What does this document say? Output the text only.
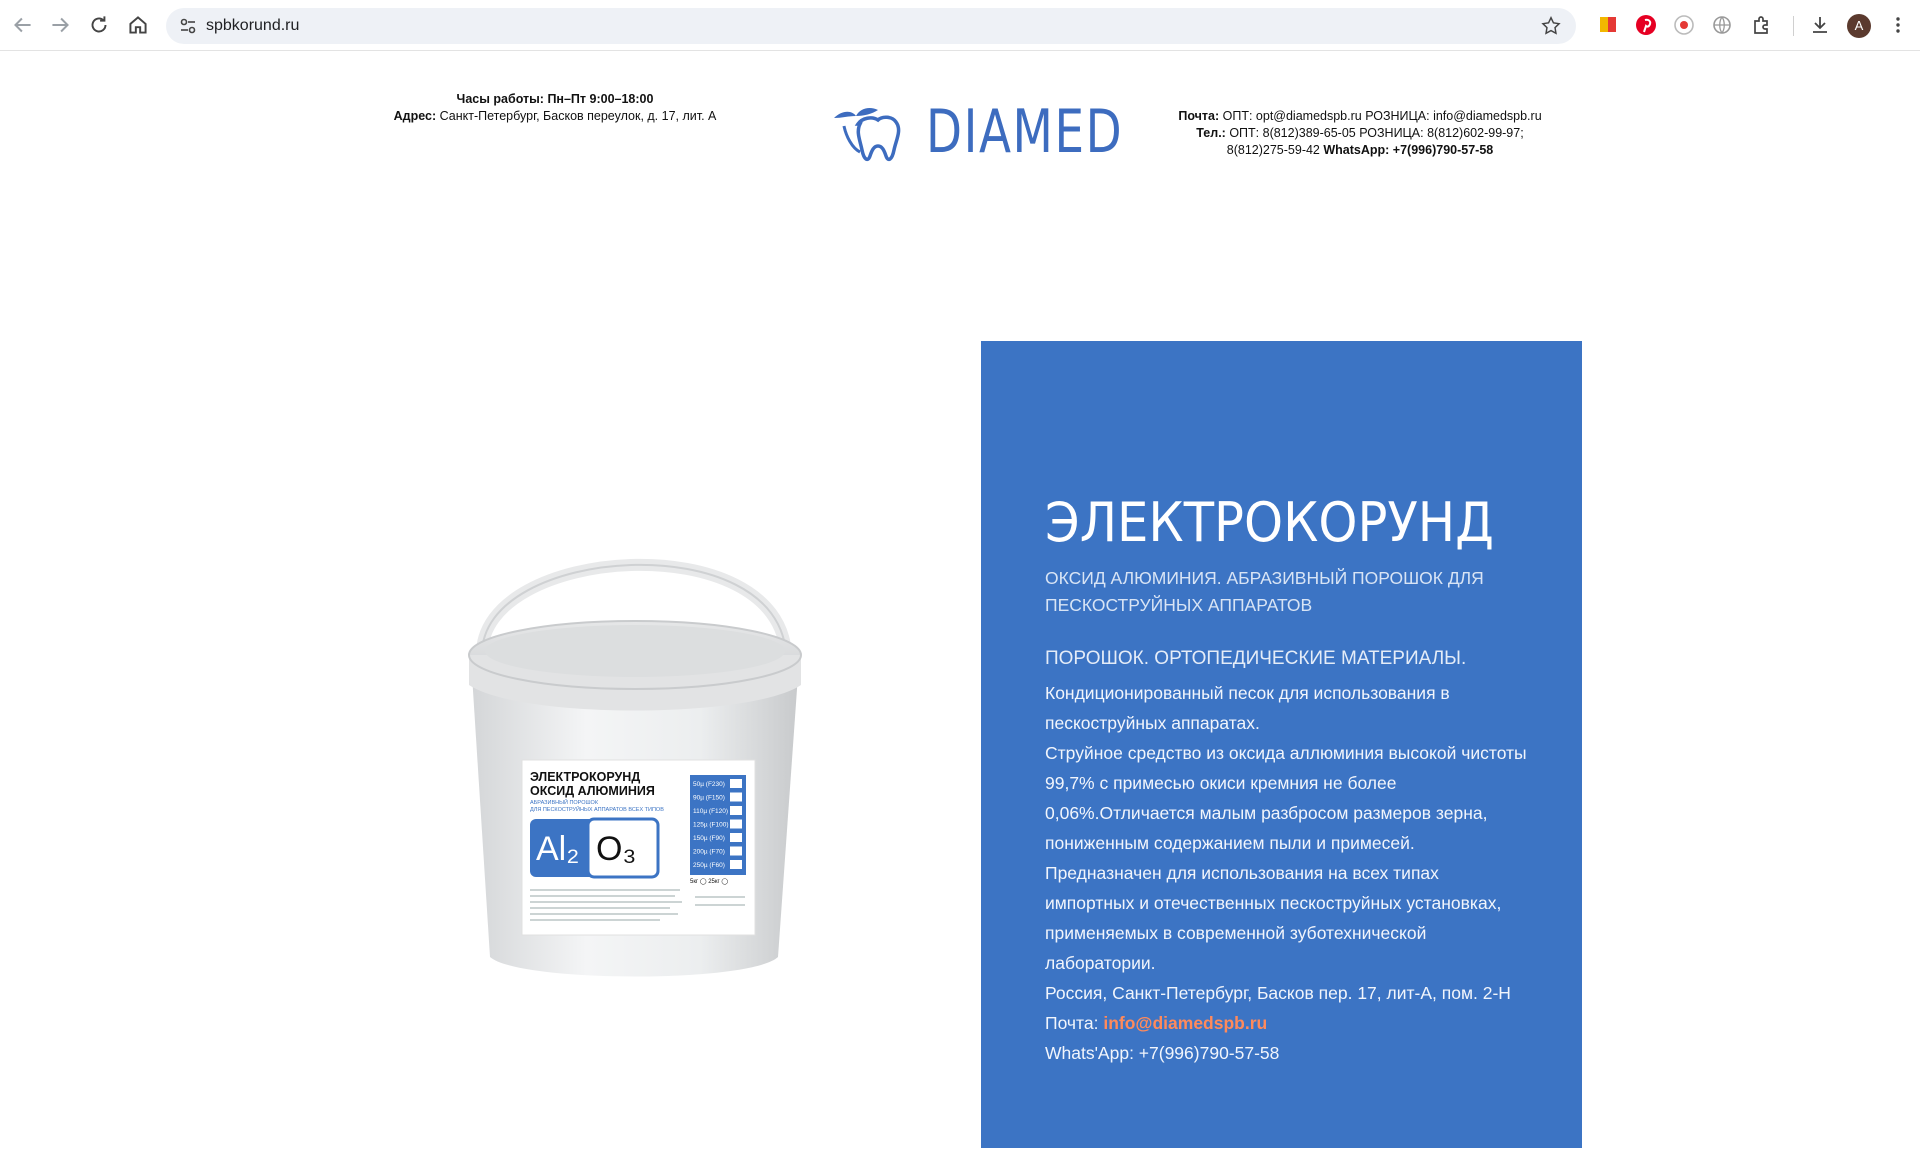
spbkorund.ru	A
Часы работы: Пн–Пт 9:00–18:00
Адрес: Санкт-Петербург, Басков переулок, д. 17, лит. А	DIAMED	Почта: ОПТ: opt@diamedspb.ru РОЗНИЦА: info@diamedspb.ru
Тел.: ОПТ: 8(812)389-65-05 РОЗНИЦА: 8(812)602-99-97;
8(812)275-59-42 WhatsApp: +7(996)790-57-58
ЭЛЕКТРОКОРУНД
ОКСИД АЛЮМИНИЯ
АБРАЗИВНЫЙ ПОРОШОК
ДЛЯ ПЕСКОСТРУЙНЫХ АППАРАТОВ ВСЕХ ТИПОВ
Al₂ O₃
50µ (F230)
90µ (F150)
110µ (F120)
125µ (F100)
150µ (F90)
200µ (F70)
250µ (F60)
5кг ◯ 25кг ◯
ЭЛЕКТРОКОРУНД
ОКСИД АЛЮМИНИЯ. АБРАЗИВНЫЙ ПОРОШОК ДЛЯ
ПЕСКОСТРУЙНЫХ АППАРАТОВ
ПОРОШОК. ОРТОПЕДИЧЕСКИЕ МАТЕРИАЛЫ.
Кондиционированный песок для использования в
пескоструйных аппаратах.
Струйное средство из оксида аллюминия высокой чистоты
99,7% с примесью окиси кремния не более
0,06%.Отличается малым разбросом размеров зерна,
пониженным содержанием пыли и примесей.
Предназначен для использования на всех типах
импортных и отечественных пескоструйных установках,
применяемых в современной зуботехнической
лаборатории.
Россия, Санкт-Петербург, Басков пер. 17, лит-А, пом. 2-Н
Почта: info@diamedspb.ru
Whats'App: +7(996)790-57-58
